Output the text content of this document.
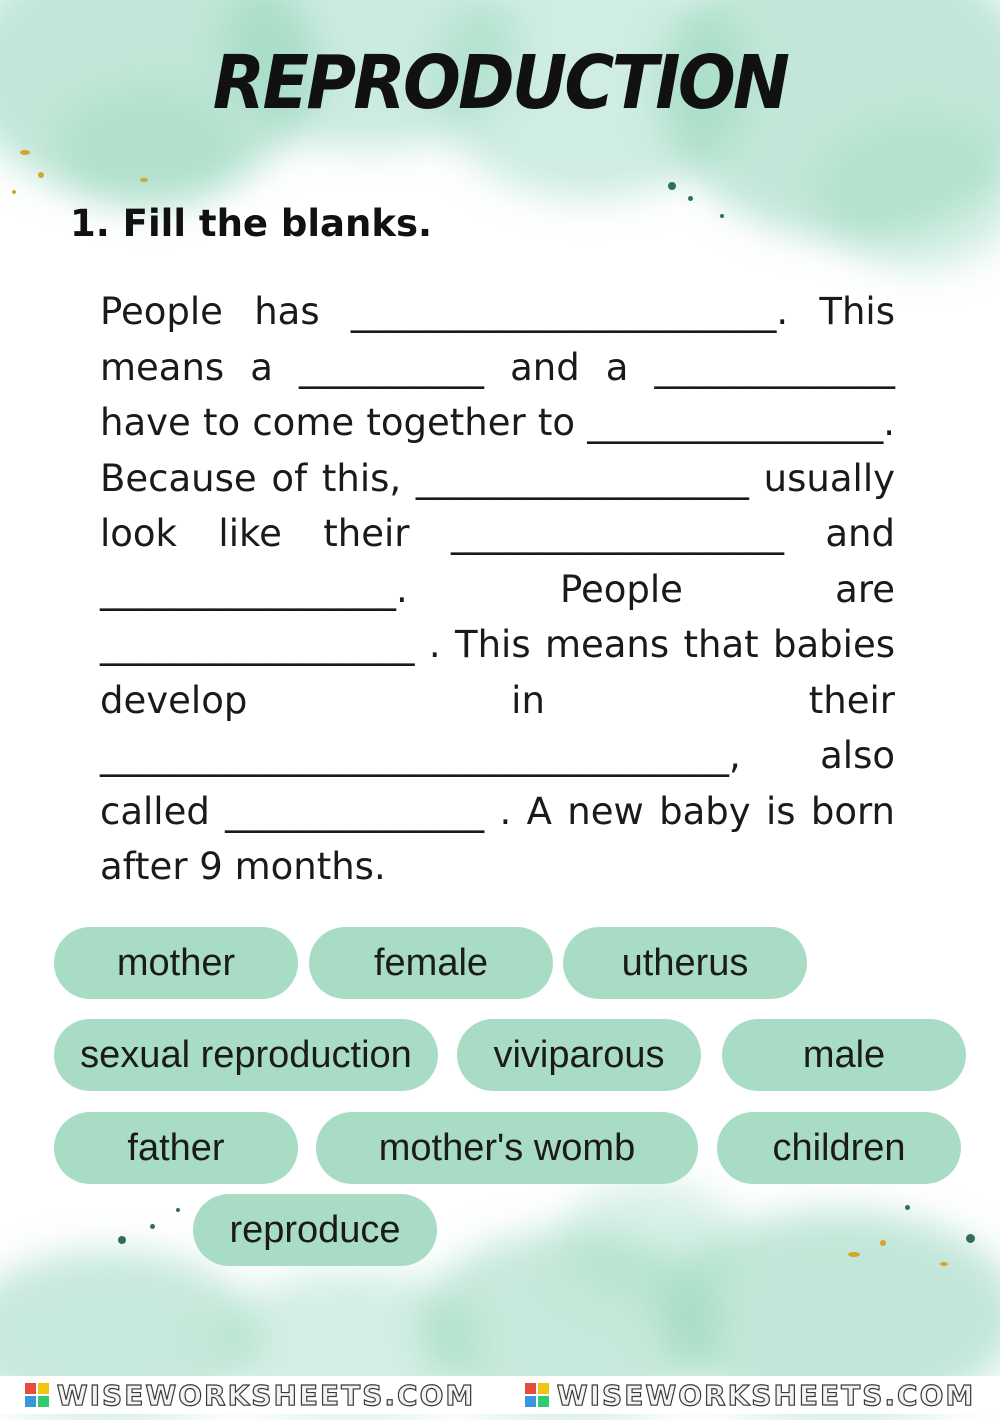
REPRODUCTION
1. Fill the blanks.

People has _______________________. This means a __________ and a _____________ have to come together to ________________. Because of this, __________________ usually look like their __________________ and ________________. People are _________________ . This means that babies develop in their __________________________________, also called ______________ . A new baby is born after 9 months.

mother	female	utherus
sexual reproduction	viviparous	male
father	mother's womb	children
reproduce
WISEWORKSHEETS.COM	WISEWORKSHEETS.COM
